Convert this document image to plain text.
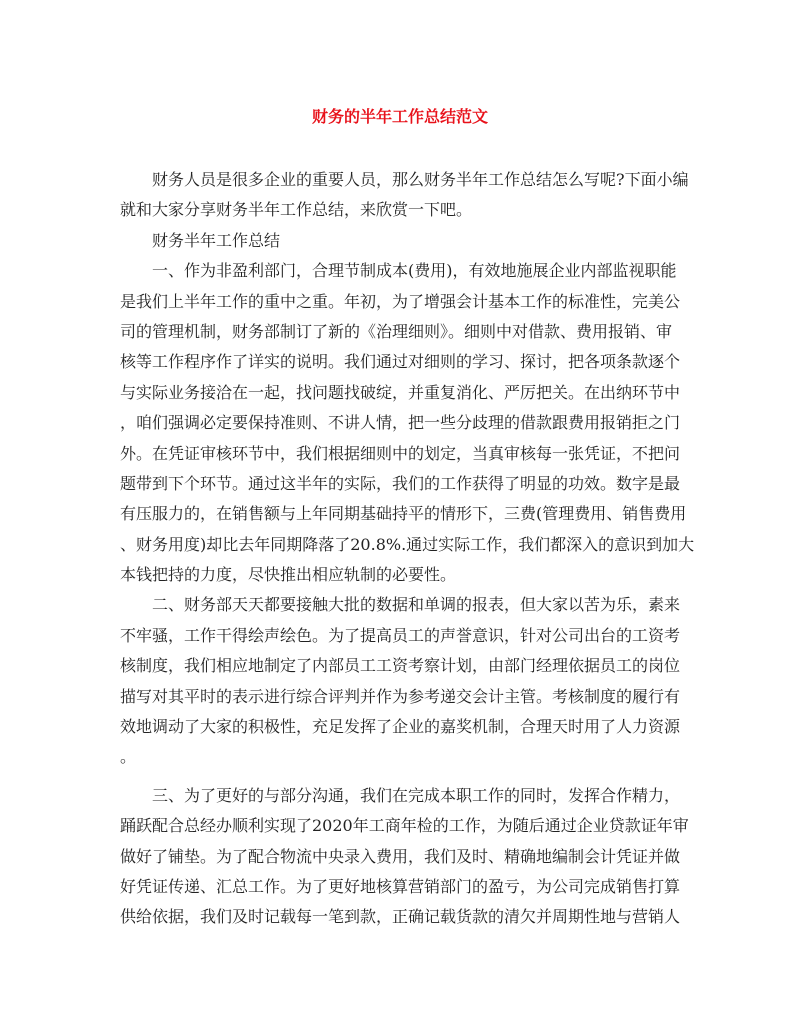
财务的半年工作总结范文
财务人员是很多企业的重要人员，那么财务半年工作总结怎么写呢?下面小编
就和大家分享财务半年工作总结，来欣赏一下吧。
财务半年工作总结
一、作为非盈利部门，合理节制成本(费用)，有效地施展企业内部监视职能
是我们上半年工作的重中之重。年初，为了增强会计基本工作的标准性，完美公
司的管理机制，财务部制订了新的《治理细则》。细则中对借款、费用报销、审
核等工作程序作了详实的说明。我们通过对细则的学习、探讨，把各项条款逐个
与实际业务接洽在一起，找问题找破绽，并重复消化、严厉把关。在出纳环节中
，咱们强调必定要保持准则、不讲人情，把一些分歧理的借款跟费用报销拒之门
外。在凭证审核环节中，我们根据细则中的划定，当真审核每一张凭证，不把问
题带到下个环节。通过这半年的实际，我们的工作获得了明显的功效。数字是最
有压服力的，在销售额与上年同期基础持平的情形下，三费(管理费用、销售费用
、财务用度)却比去年同期降落了20.8%.通过实际工作，我们都深入的意识到加大
本钱把持的力度，尽快推出相应轨制的必要性。
二、财务部天天都要接触大批的数据和单调的报表，但大家以苦为乐，素来
不牢骚，工作干得绘声绘色。为了提高员工的声誉意识，针对公司出台的工资考
核制度，我们相应地制定了内部员工工资考察计划，由部门经理依据员工的岗位
描写对其平时的表示进行综合评判并作为参考递交会计主管。考核制度的履行有
效地调动了大家的积极性，充足发挥了企业的嘉奖机制，合理天时用了人力资源
。
三、为了更好的与部分沟通，我们在完成本职工作的同时，发挥合作精力，
踊跃配合总经办顺利实现了2020年工商年检的工作，为随后通过企业贷款证年审
做好了铺垫。为了配合物流中央录入费用，我们及时、精确地编制会计凭证并做
好凭证传递、汇总工作。为了更好地核算营销部门的盈亏，为公司完成销售打算
供给依据，我们及时记载每一笔到款，正确记载货款的清欠并周期性地与营销人
